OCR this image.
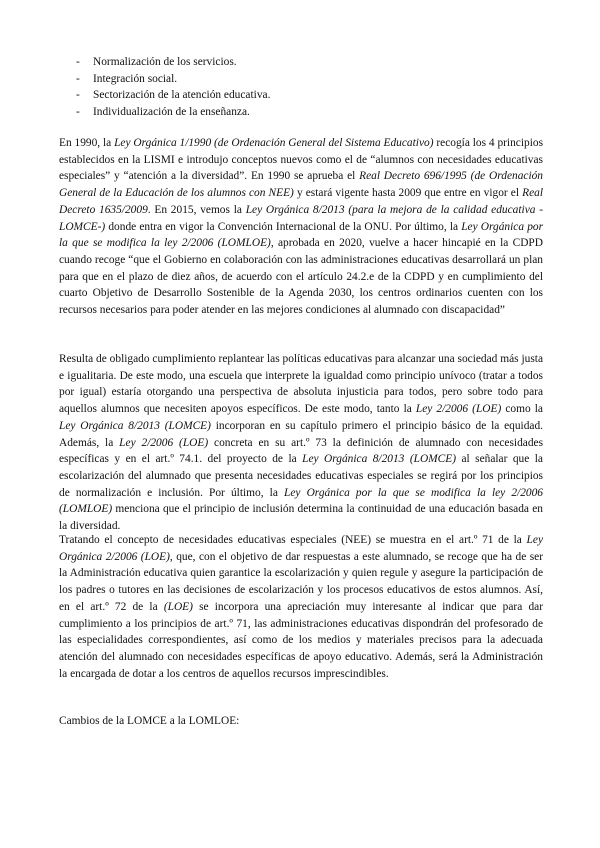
- Normalización de los servicios.
- Integración social.
- Sectorización de la atención educativa.
- Individualización de la enseñanza.

En 1990, la Ley Orgánica 1/1990 (de Ordenación General del Sistema Educativo) recogía los 4 principios establecidos en la LISMI e introdujo conceptos nuevos como el de “alumnos con necesidades educativas especiales” y “atención a la diversidad”. En 1990 se aprueba el Real Decreto 696/1995 (de Ordenación General de la Educación de los alumnos con NEE) y estará vigente hasta 2009 que entre en vigor el Real Decreto 1635/2009. En 2015, vemos la Ley Orgánica 8/2013 (para la mejora de la calidad educativa -LOMCE-) donde entra en vigor la Convención Internacional de la ONU. Por último, la Ley Orgánica por la que se modifica la ley 2/2006 (LOMLOE), aprobada en 2020, vuelve a hacer hincapié en la CDPD cuando recoge “que el Gobierno en colaboración con las administraciones educativas desarrollará un plan para que en el plazo de diez años, de acuerdo con el artículo 24.2.e de la CDPD y en cumplimiento del cuarto Objetivo de Desarrollo Sostenible de la Agenda 2030, los centros ordinarios cuenten con los recursos necesarios para poder atender en las mejores condiciones al alumnado con discapacidad”

Resulta de obligado cumplimiento replantear las políticas educativas para alcanzar una sociedad más justa e igualitaria. De este modo, una escuela que interprete la igualdad como principio unívoco (tratar a todos por igual) estaría otorgando una perspectiva de absoluta injusticia para todos, pero sobre todo para aquellos alumnos que necesiten apoyos específicos. De este modo, tanto la Ley 2/2006 (LOE) como la Ley Orgánica 8/2013 (LOMCE) incorporan en su capítulo primero el principio básico de la equidad. Además, la Ley 2/2006 (LOE) concreta en su art.º 73 la definición de alumnado con necesidades específicas y en el art.º 74.1. del proyecto de la Ley Orgánica 8/2013 (LOMCE) al señalar que la escolarización del alumnado que presenta necesidades educativas especiales se regirá por los principios de normalización e inclusión. Por último, la Ley Orgánica por la que se modifica la ley 2/2006 (LOMLOE) menciona que el principio de inclusión determina la continuidad de una educación basada en la diversidad.

Tratando el concepto de necesidades educativas especiales (NEE) se muestra en el art.º 71 de la Ley Orgánica 2/2006 (LOE), que, con el objetivo de dar respuestas a este alumnado, se recoge que ha de ser la Administración educativa quien garantice la escolarización y quien regule y asegure la participación de los padres o tutores en las decisiones de escolarización y los procesos educativos de estos alumnos. Así, en el art.º 72 de la (LOE) se incorpora una apreciación muy interesante al indicar que para dar cumplimiento a los principios de art.º 71, las administraciones educativas dispondrán del profesorado de las especialidades correspondientes, así como de los medios y materiales precisos para la adecuada atención del alumnado con necesidades específicas de apoyo educativo. Además, será la Administración la encargada de dotar a los centros de aquellos recursos imprescindibles.

Cambios de la LOMCE a la LOMLOE:
